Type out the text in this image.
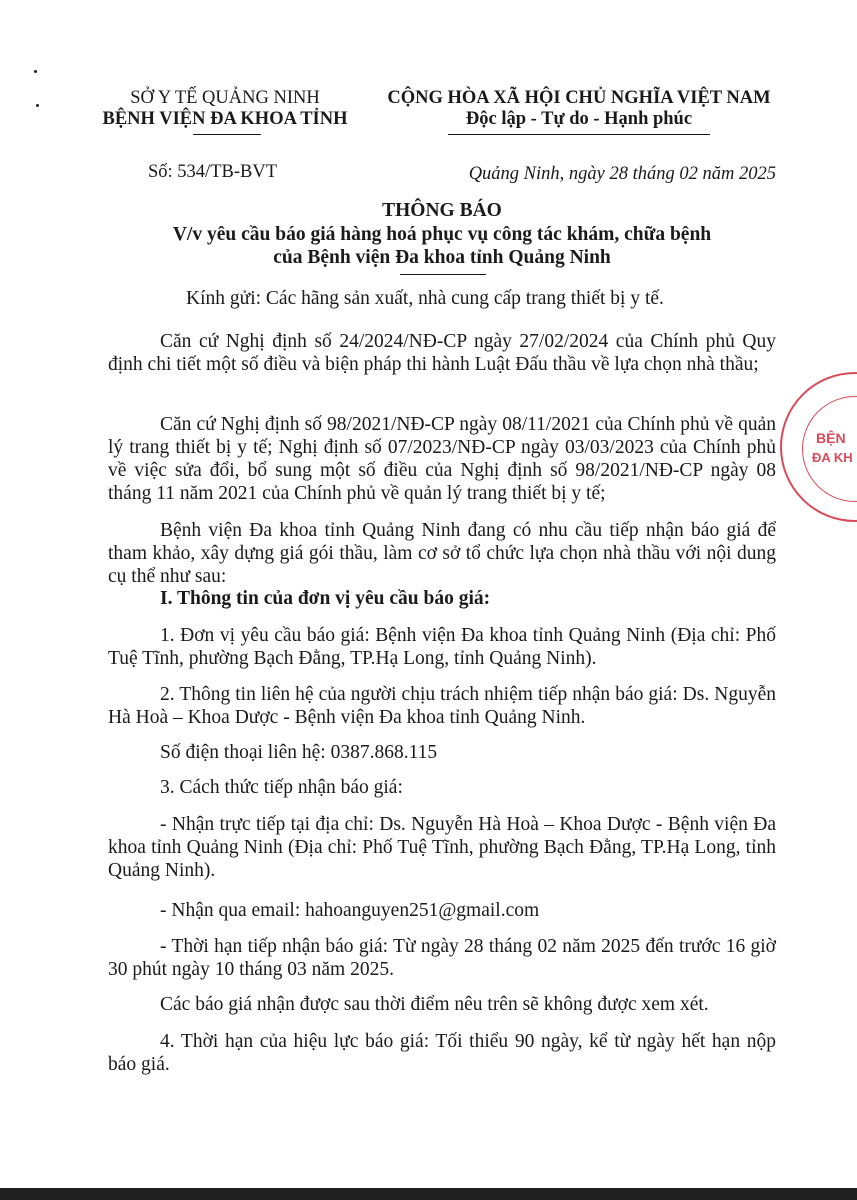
SỞ Y TẾ QUẢNG NINH
BỆNH VIỆN ĐA KHOA TỈNH
CỘNG HÒA XÃ HỘI CHỦ NGHĨA VIỆT NAM
Độc lập - Tự do - Hạnh phúc
Số: 534/TB-BVT	Quảng Ninh, ngày 28 tháng 02 năm 2025
THÔNG BÁO
V/v yêu cầu báo giá hàng hoá phục vụ công tác khám, chữa bệnh
của Bệnh viện Đa khoa tỉnh Quảng Ninh
Kính gửi: Các hãng sản xuất, nhà cung cấp trang thiết bị y tế.
Căn cứ Nghị định số 24/2024/NĐ-CP ngày 27/02/2024 của Chính phủ Quy định chi tiết một số điều và biện pháp thi hành Luật Đấu thầu về lựa chọn nhà thầu;
Căn cứ Nghị định số 98/2021/NĐ-CP ngày 08/11/2021 của Chính phủ về quản lý trang thiết bị y tế; Nghị định số 07/2023/NĐ-CP ngày 03/03/2023 của Chính phủ về việc sửa đổi, bổ sung một số điều của Nghị định số 98/2021/NĐ-CP ngày 08 tháng 11 năm 2021 của Chính phủ về quản lý trang thiết bị y tế;
Bệnh viện Đa khoa tỉnh Quảng Ninh đang có nhu cầu tiếp nhận báo giá để tham khảo, xây dựng giá gói thầu, làm cơ sở tổ chức lựa chọn nhà thầu với nội dung cụ thể như sau:
I. Thông tin của đơn vị yêu cầu báo giá:
1. Đơn vị yêu cầu báo giá: Bệnh viện Đa khoa tỉnh Quảng Ninh (Địa chỉ: Phố Tuệ Tĩnh, phường Bạch Đằng, TP.Hạ Long, tỉnh Quảng Ninh).
2. Thông tin liên hệ của người chịu trách nhiệm tiếp nhận báo giá: Ds. Nguyễn Hà Hoà – Khoa Dược - Bệnh viện Đa khoa tỉnh Quảng Ninh.
Số điện thoại liên hệ: 0387.868.115
3. Cách thức tiếp nhận báo giá:
- Nhận trực tiếp tại địa chỉ: Ds. Nguyễn Hà Hoà – Khoa Dược - Bệnh viện Đa khoa tỉnh Quảng Ninh (Địa chỉ: Phố Tuệ Tĩnh, phường Bạch Đằng, TP.Hạ Long, tỉnh Quảng Ninh).
- Nhận qua email: hahoanguyen251@gmail.com
- Thời hạn tiếp nhận báo giá: Từ ngày 28 tháng 02 năm 2025 đến trước 16 giờ 30 phút ngày 10 tháng 03 năm 2025.
Các báo giá nhận được sau thời điểm nêu trên sẽ không được xem xét.
4. Thời hạn của hiệu lực báo giá: Tối thiểu 90 ngày, kể từ ngày hết hạn nộp báo giá.
BỆN
ĐA KH
